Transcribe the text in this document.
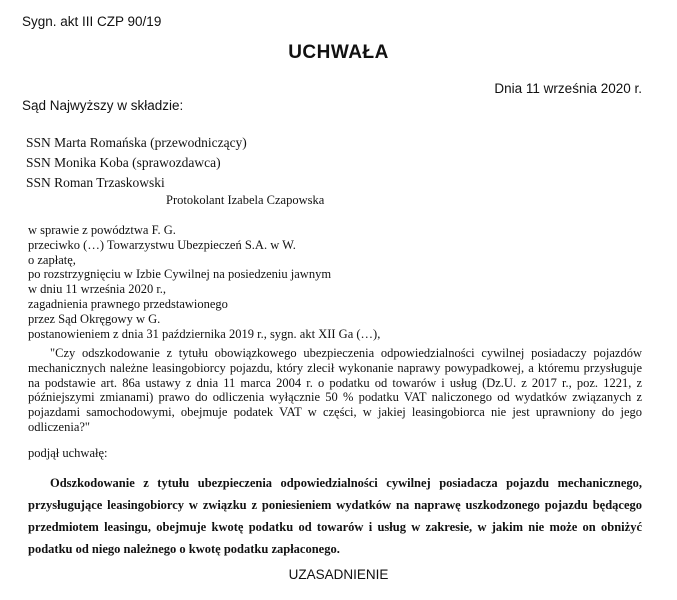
Sygn. akt III CZP 90/19
UCHWAŁA
Dnia 11 września 2020 r.
Sąd Najwyższy w składzie:
SSN Marta Romańska (przewodniczący)
SSN Monika Koba (sprawozdawca)
SSN Roman Trzaskowski
Protokolant Izabela Czapowska
w sprawie z powództwa F. G.
przeciwko (…) Towarzystwu Ubezpieczeń S.A. w W.
o zapłatę,
po rozstrzygnięciu w Izbie Cywilnej na posiedzeniu jawnym
w dniu 11 września 2020 r.,
zagadnienia prawnego przedstawionego
przez Sąd Okręgowy w G.
postanowieniem z dnia 31 października 2019 r., sygn. akt XII Ga (…),
"Czy odszkodowanie z tytułu obowiązkowego ubezpieczenia odpowiedzialności cywilnej posiadaczy pojazdów mechanicznych należne leasingobiorcy pojazdu, który zlecił wykonanie naprawy powypadkowej, a któremu przysługuje na podstawie art. 86a ustawy z dnia 11 marca 2004 r. o podatku od towarów i usług (Dz.U. z 2017 r., poz. 1221, z późniejszymi zmianami) prawo do odliczenia wyłącznie 50 % podatku VAT naliczonego od wydatków związanych z pojazdami samochodowymi, obejmuje podatek VAT w części, w jakiej leasingobiorca nie jest uprawniony do jego odliczenia?"
podjął uchwałę:
Odszkodowanie z tytułu ubezpieczenia odpowiedzialności cywilnej posiadacza pojazdu mechanicznego, przysługujące leasingobiorcy w związku z poniesieniem wydatków na naprawę uszkodzonego pojazdu będącego przedmiotem leasingu, obejmuje kwotę podatku od towarów i usług w zakresie, w jakim nie może on obniżyć podatku od niego należnego o kwotę podatku zapłaconego.
UZASADNIENIE
